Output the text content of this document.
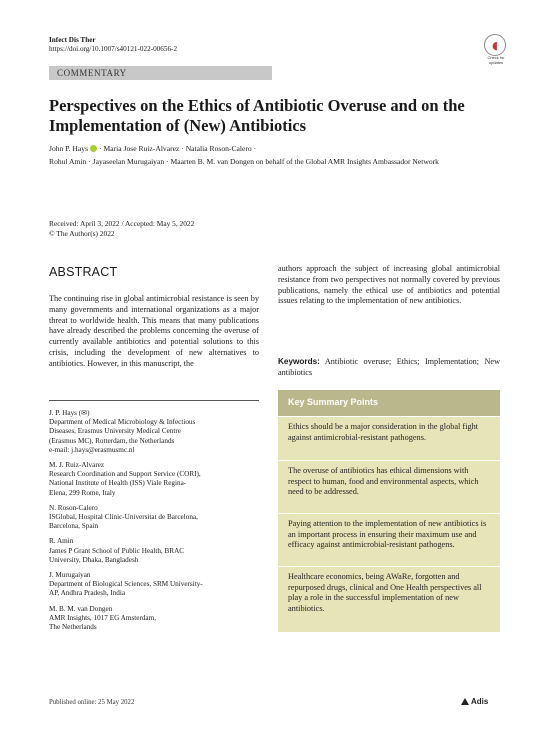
Infect Dis Ther
https://doi.org/10.1007/s40121-022-00656-2	◖
Check for updates
COMMENTARY
Perspectives on the Ethics of Antibiotic Overuse and on the Implementation of (New) Antibiotics
John P. Hays · Maria Jose Ruiz-Alvarez · Natalia Roson-Calero ·
Rohul Amin · Jayaseelan Murugaiyan · Maarten B. M. van Dongen on behalf of the Global AMR Insights Ambassador Network
Received: April 3, 2022 / Accepted: May 5, 2022
© The Author(s) 2022
ABSTRACT
The continuing rise in global antimicrobial resistance is seen by many governments and international organizations as a major threat to worldwide health. This means that many publications have already described the problems concerning the overuse of currently available antibiotics and potential solutions to this crisis, including the development of new alternatives to antibiotics. However, in this manuscript, the
authors approach the subject of increasing global antimicrobial resistance from two perspectives not normally covered by previous publications, namely the ethical use of antibiotics and potential issues relating to the implementation of new antibiotics.
Keywords: Antibiotic overuse; Ethics; Implementation; New antibiotics
J. P. Hays (✉)
Department of Medical Microbiology & Infectious
Diseases, Erasmus University Medical Centre
(Erasmus MC), Rotterdam, the Netherlands
e-mail: j.hays@erasmusmc.nl
M. J. Ruiz-Alvarez
Research Coordination and Support Service (CORI),
National Institute of Health (ISS) Viale Regina-
Elena, 299 Rome, Italy
N. Roson-Calero
ISGlobal, Hospital Clínic-Universitat de Barcelona,
Barcelona, Spain
R. Amin
James P Grant School of Public Health, BRAC
University, Dhaka, Bangladesh
J. Murugaiyan
Department of Biological Sciences, SRM University-
AP, Andhra Pradesh, India
M. B. M. van Dongen
AMR Insights, 1017 EG Amsterdam,
The Netherlands
Key Summary Points
Ethics should be a major consideration in the global fight against antimicrobial-resistant pathogens.
The overuse of antibiotics has ethical dimensions with respect to human, food and environmental aspects, which need to be addressed.
Paying attention to the implementation of new antibiotics is an important process in ensuring their maximum use and efficacy against antimicrobial-resistant pathogens.
Healthcare economics, being AWaRe, forgotten and repurposed drugs, clinical and One Health perspectives all play a role in the successful implementation of new antibiotics.
Published online: 25 May 2022	Adis
